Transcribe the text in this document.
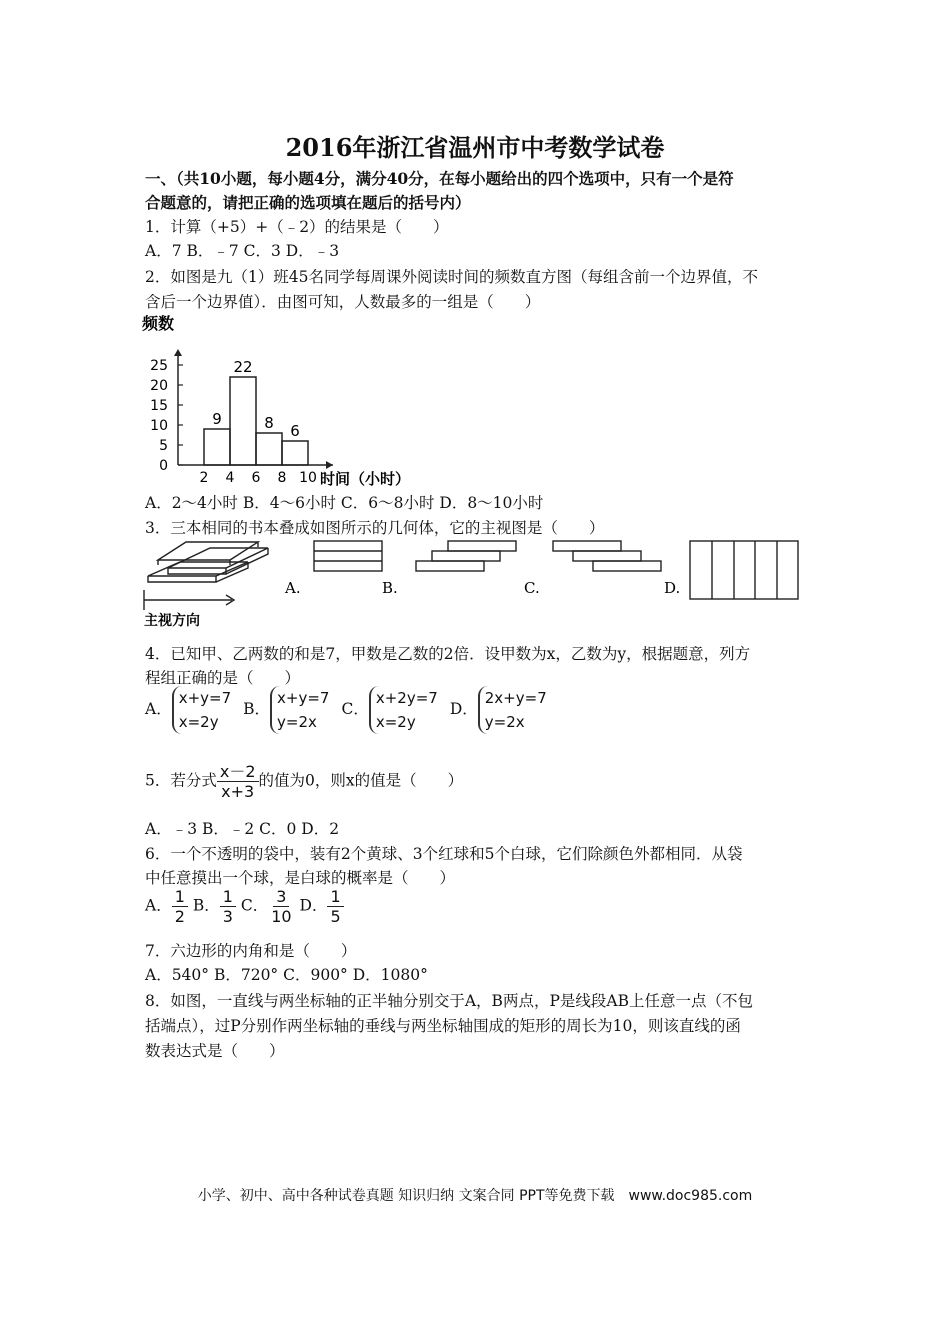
2016年浙江省温州市中考数学试卷
一、（共10小题，每小题4分，满分40分，在每小题给出的四个选项中，只有一个是符
合题意的，请把正确的选项填在题后的括号内）
1．计算（+5）+（﹣2）的结果是（　　）
A．7 B．﹣7 C．3 D．﹣3
2．如图是九（1）班45名同学每周课外阅读时间的频数直方图（每组含前一个边界值，不
含后一个边界值）．由图可知，人数最多的一组是（　　）
频数
0
5
10
15
20
25
2 4 6 8 10
9
22
8 6
时间（小时）
A．2～4小时 B．4～6小时 C．6～8小时 D．8～10小时
3．三本相同的书本叠成如图所示的几何体，它的主视图是（　　）
主视方向
A.	B.	C.	D.
4．已知甲、乙两数的和是7，甲数是乙数的2倍．设甲数为x，乙数为y，根据题意，列方
程组正确的是（　　）
A．
x+y=7
x=2y
B．
x+y=7
y=2x
C．
x+2y=7
x=2y
D．
2x+y=7
y=2x
5．若分式 $\frac{x-2}{x+3}$ 的值为0，则x的值是（　　）
A．﹣3 B．﹣2 C．0 D．2
6．一个不透明的袋中，装有2个黄球、3个红球和5个白球，它们除颜色外都相同．从袋
中任意摸出一个球，是白球的概率是（　　）
A． $\frac{1}{2}$ B． $\frac{1}{3}$ C． $\frac{3}{10}$ D． $\frac{1}{5}$
7．六边形的内角和是（　　）
A．540° B．720° C．900° D．1080°
8．如图，一直线与两坐标轴的正半轴分别交于A，B两点，P是线段AB上任意一点（不包
括端点），过P分别作两坐标轴的垂线与两坐标轴围成的矩形的周长为10，则该直线的函
数表达式是（　　）
小学、初中、高中各种试卷真题 知识归纳 文案合同 PPT等免费下载　www.doc985.com
